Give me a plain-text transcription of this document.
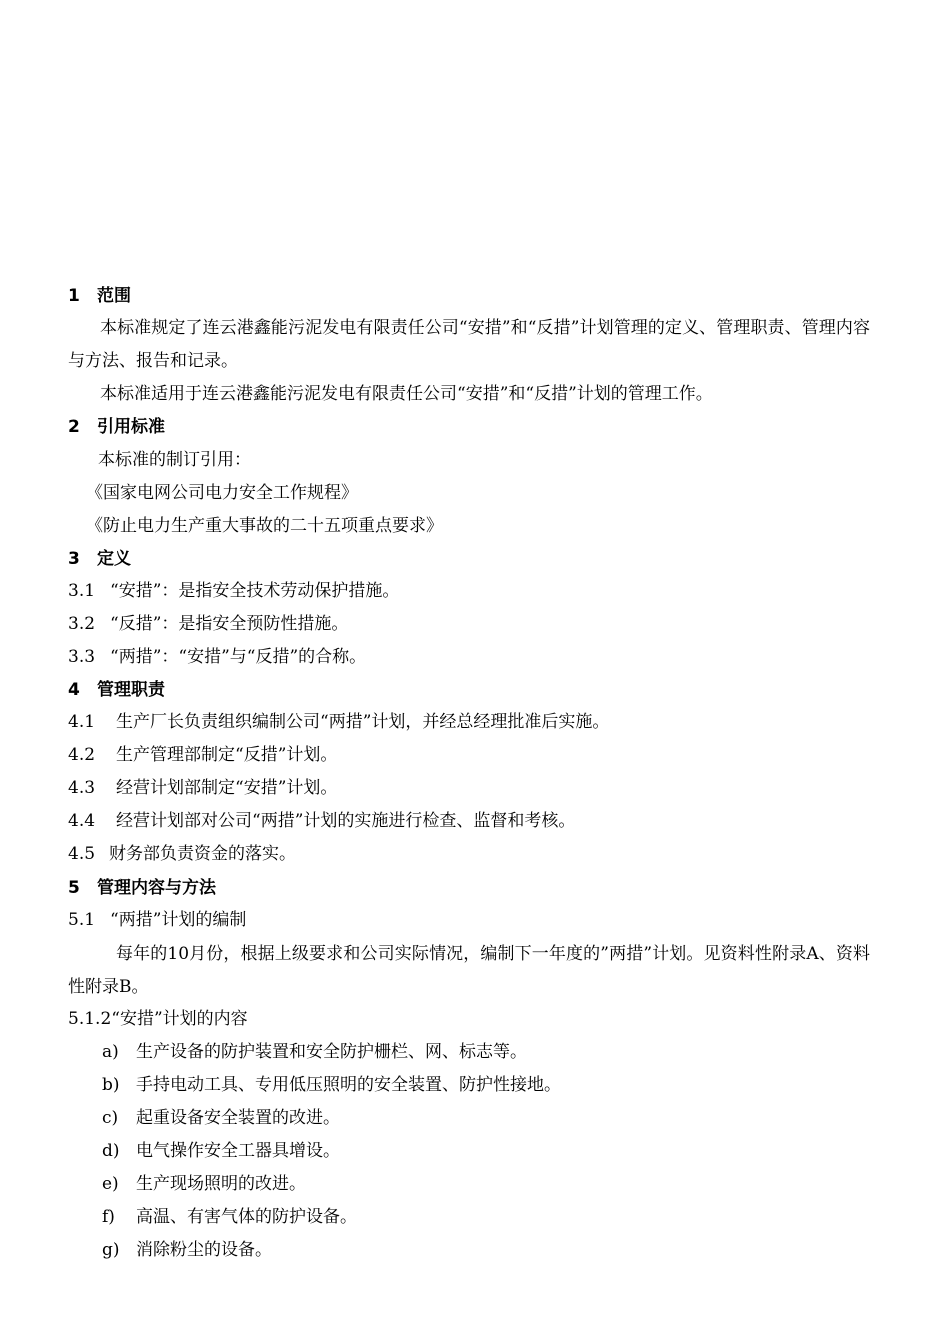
1 范围
本标准规定了连云港鑫能污泥发电有限责任公司“安措”和“反措”计划管理的定义、管理职责、管理内容与方法、报告和记录。
本标准适用于连云港鑫能污泥发电有限责任公司“安措”和“反措”计划的管理工作。
2 引用标准
本标准的制订引用：
《国家电网公司电力安全工作规程》
《防止电力生产重大事故的二十五项重点要求》
3 定义
3.1 “安措”：是指安全技术劳动保护措施。
3.2 “反措”：是指安全预防性措施。
3.3 “两措”：“安措”与“反措”的合称。
4 管理职责
4.1 生产厂长负责组织编制公司“两措”计划，并经总经理批准后实施。
4.2 生产管理部制定“反措”计划。
4.3 经营计划部制定“安措”计划。
4.4 经营计划部对公司“两措”计划的实施进行检查、监督和考核。
4.5 财务部负责资金的落实。
5 管理内容与方法
5.1 “两措”计划的编制
每年的10月份，根据上级要求和公司实际情况，编制下一年度的”两措”计划。见资料性附录A、资料性附录B。
5.1.2“安措”计划的内容
a) 生产设备的防护装置和安全防护栅栏、网、标志等。
b) 手持电动工具、专用低压照明的安全装置、防护性接地。
c) 起重设备安全装置的改进。
d) 电气操作安全工器具增设。
e) 生产现场照明的改进。
f) 高温、有害气体的防护设备。
g) 消除粉尘的设备。
